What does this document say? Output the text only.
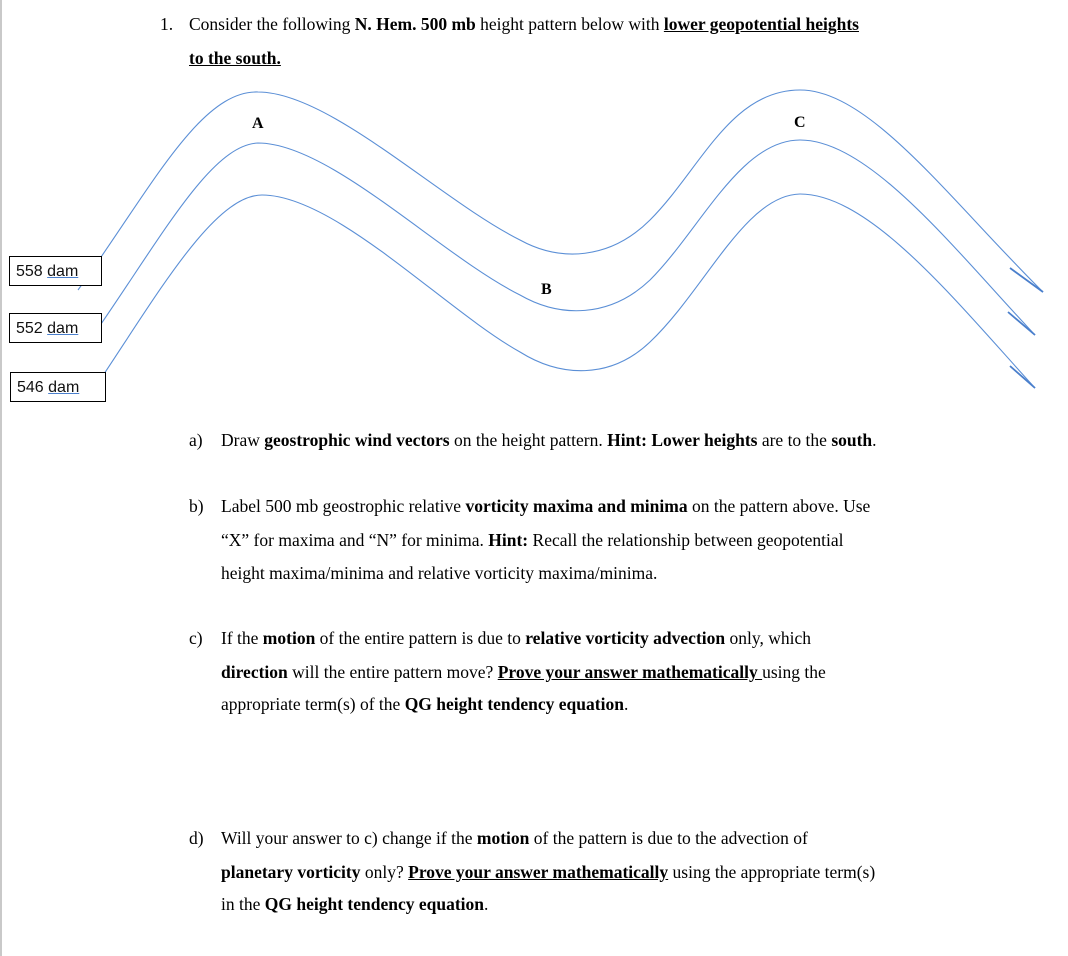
1. Consider the following N. Hem. 500 mb height pattern below with lower geopotential heights
to the south.
A
B
C
558 dam
552 dam
546 dam
a) Draw geostrophic wind vectors on the height pattern. Hint: Lower heights are to the south.
b) Label 500 mb geostrophic relative vorticity maxima and minima on the pattern above. Use
“X” for maxima and “N” for minima. Hint: Recall the relationship between geopotential
height maxima/minima and relative vorticity maxima/minima.
c) If the motion of the entire pattern is due to relative vorticity advection only, which
direction will the entire pattern move? Prove your answer mathematically using the
appropriate term(s) of the QG height tendency equation.
d) Will your answer to c) change if the motion of the pattern is due to the advection of
planetary vorticity only? Prove your answer mathematically using the appropriate term(s)
in the QG height tendency equation.
